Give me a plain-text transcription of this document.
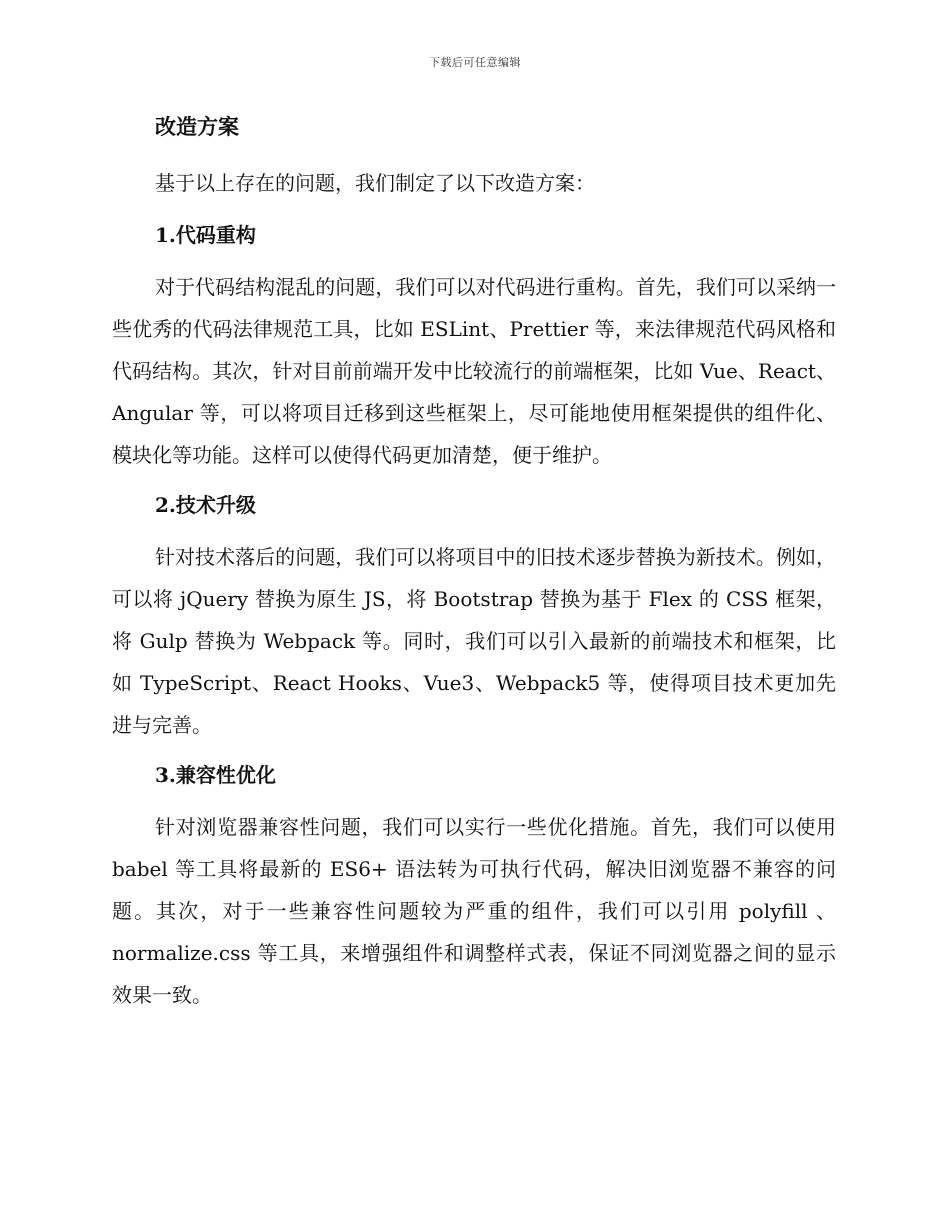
下载后可任意编辑
改造方案

基于以上存在的问题，我们制定了以下改造方案：

1.代码重构

对于代码结构混乱的问题，我们可以对代码进行重构。首先，我们可以采纳一些优秀的代码法律规范工具，比如 ESLint、Prettier 等，来法律规范代码风格和代码结构。其次，针对目前前端开发中比较流行的前端框架，比如 Vue、React、Angular 等，可以将项目迁移到这些框架上，尽可能地使用框架提供的组件化、模块化等功能。这样可以使得代码更加清楚，便于维护。

2.技术升级

针对技术落后的问题，我们可以将项目中的旧技术逐步替换为新技术。例如，可以将 jQuery 替换为原生 JS，将 Bootstrap 替换为基于 Flex 的 CSS 框架，将 Gulp 替换为 Webpack 等。同时，我们可以引入最新的前端技术和框架，比如 TypeScript、React Hooks、Vue3、Webpack5 等，使得项目技术更加先进与完善。

3.兼容性优化

针对浏览器兼容性问题，我们可以实行一些优化措施。首先，我们可以使用 babel 等工具将最新的 ES6+ 语法转为可执行代码，解决旧浏览器不兼容的问题。其次，对于一些兼容性问题较为严重的组件，我们可以引用 polyfill 、normalize.css 等工具，来增强组件和调整样式表，保证不同浏览器之间的显示效果一致。
